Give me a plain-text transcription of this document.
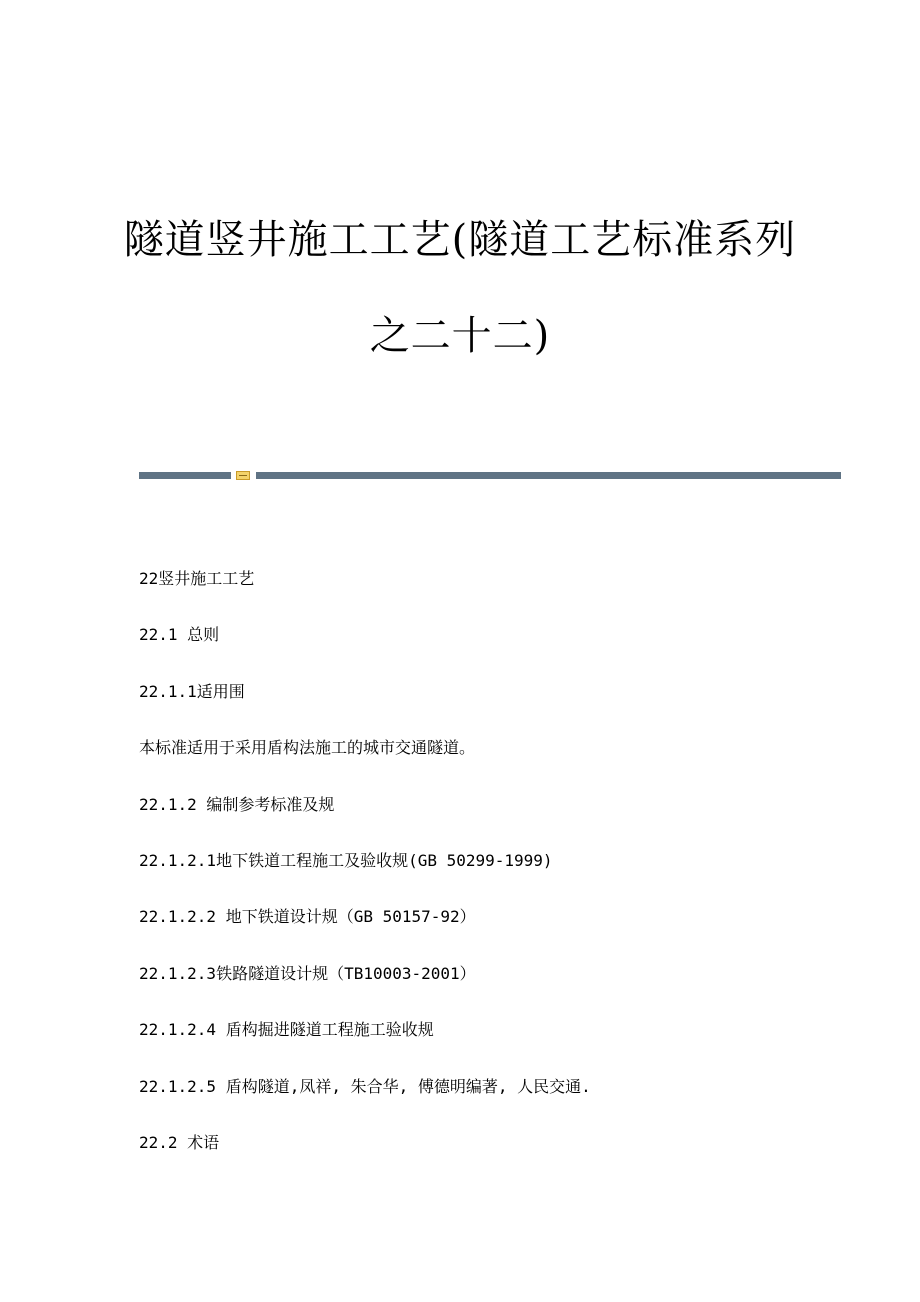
隧道竖井施工工艺(隧道工艺标准系列
之二十二)

22竖井施工工艺

22.1 总则

22.1.1适用围

本标准适用于采用盾构法施工的城市交通隧道。

22.1.2 编制参考标准及规

22.1.2.1地下铁道工程施工及验收规(GB 50299-1999)

22.1.2.2 地下铁道设计规（GB 50157-92）

22.1.2.3铁路隧道设计规（TB10003-2001）

22.1.2.4 盾构掘进隧道工程施工验收规

22.1.2.5 盾构隧道,凤祥, 朱合华, 傅德明编著, 人民交通.

22.2 术语
